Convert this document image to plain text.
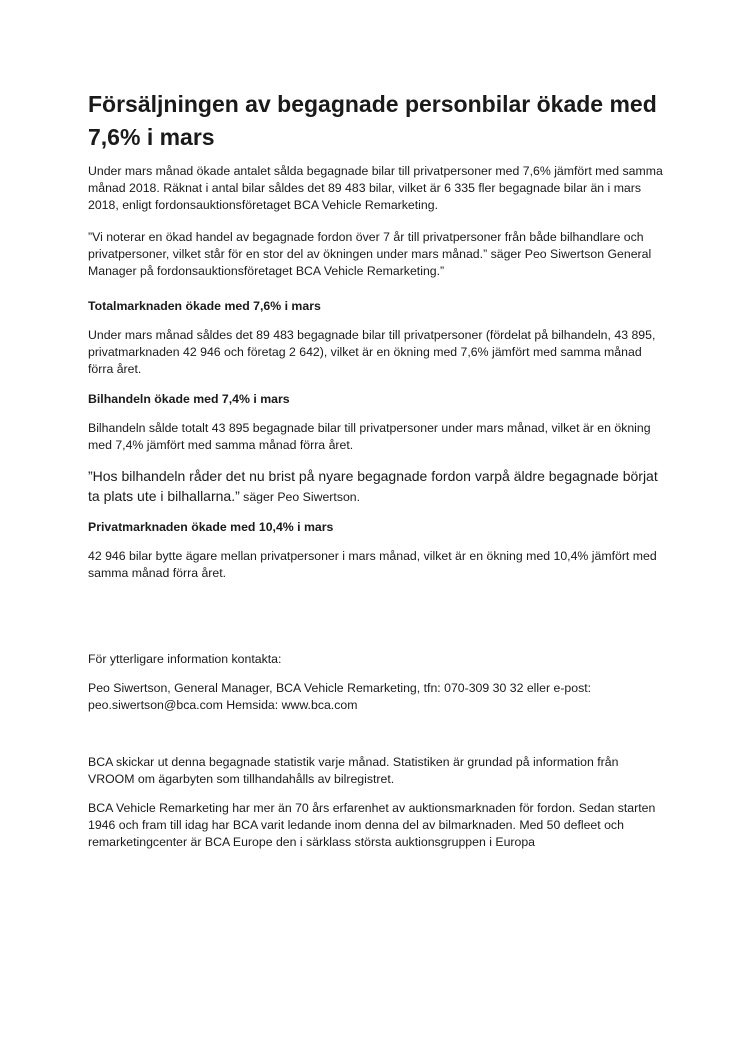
Försäljningen av begagnade personbilar ökade med 7,6% i mars

Under mars månad ökade antalet sålda begagnade bilar till privatpersoner med 7,6% jämfört med samma månad 2018. Räknat i antal bilar såldes det 89 483 bilar, vilket är 6 335 fler begagnade bilar än i mars 2018, enligt fordonsauktionsföretaget BCA Vehicle Remarketing.

”Vi noterar en ökad handel av begagnade fordon över 7 år till privatpersoner från både bilhandlare och privatpersoner, vilket står för en stor del av ökningen under mars månad.” säger Peo Siwertson General Manager på fordonsauktionsföretaget BCA Vehicle Remarketing.”

Totalmarknaden ökade med 7,6% i mars

Under mars månad såldes det 89 483 begagnade bilar till privatpersoner (fördelat på bilhandeln, 43 895, privatmarknaden 42 946 och företag 2 642), vilket är en ökning med 7,6% jämfört med samma månad förra året.

Bilhandeln ökade med 7,4% i mars

Bilhandeln sålde totalt 43 895 begagnade bilar till privatpersoner under mars månad, vilket är en ökning med 7,4% jämfört med samma månad förra året.

”Hos bilhandeln råder det nu brist på nyare begagnade fordon varpå äldre begagnade börjat ta plats ute i bilhallarna.” säger Peo Siwertson.

Privatmarknaden ökade med 10,4% i mars

42 946 bilar bytte ägare mellan privatpersoner i mars månad, vilket är en ökning med 10,4% jämfört med samma månad förra året.

För ytterligare information kontakta:

Peo Siwertson, General Manager, BCA Vehicle Remarketing, tfn: 070-309 30 32 eller e-post: peo.siwertson@bca.com Hemsida: www.bca.com

BCA skickar ut denna begagnade statistik varje månad. Statistiken är grundad på information från VROOM om ägarbyten som tillhandahålls av bilregistret.

BCA Vehicle Remarketing har mer än 70 års erfarenhet av auktionsmarknaden för fordon. Sedan starten 1946 och fram till idag har BCA varit ledande inom denna del av bilmarknaden. Med 50 defleet och remarketingcenter är BCA Europe den i särklass största auktionsgruppen i Europa
